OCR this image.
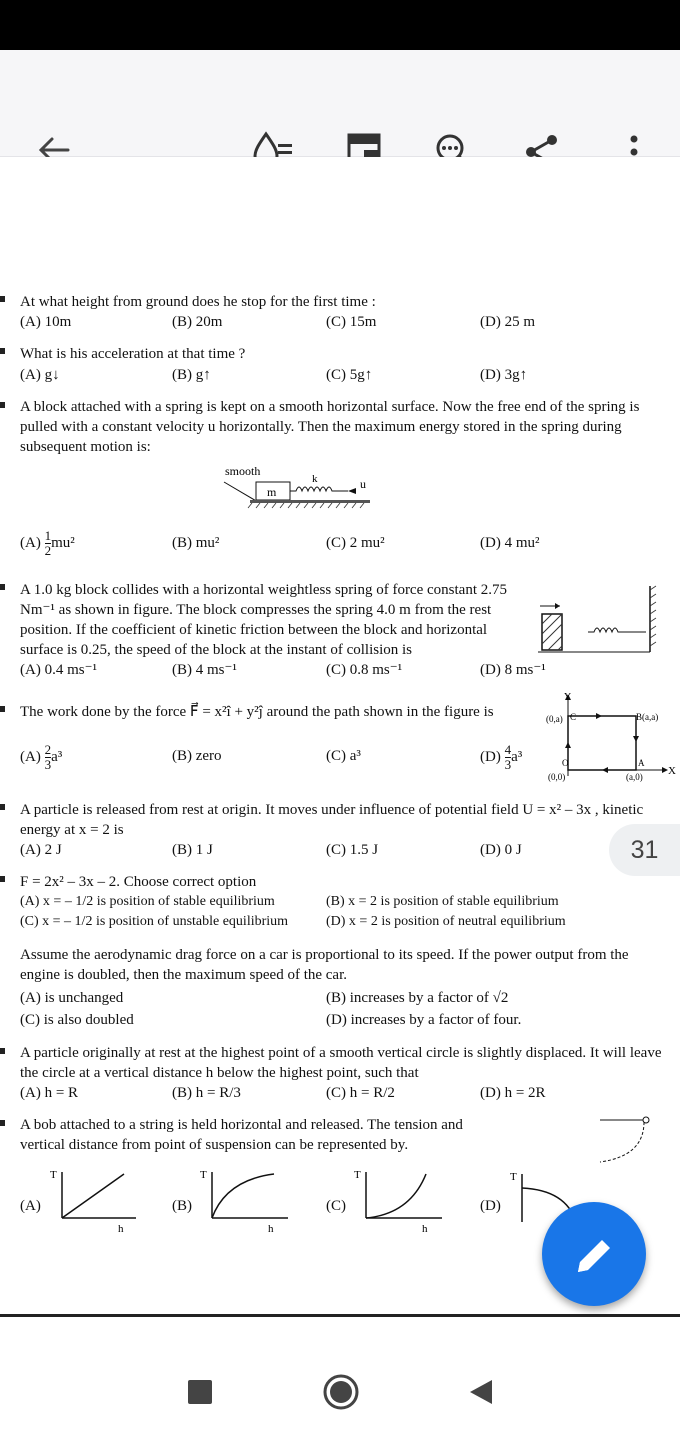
At what height from ground does he stop for the first time :
(A) 10m	(B) 20m	(C) 15m	(D) 25 m
What is his acceleration at that time ?
(A) g↓	(B) g↑	(C) 5g↑	(D) 3g↑
A block attached with a spring is kept on a smooth horizontal surface. Now the free end of the spring is pulled with a constant velocity u horizontally. Then the maximum energy stored in the spring during subsequent motion is:
smooth
m
k	u
$(A) \frac{1}{2} mu^2$	(B) mu²	(C) 2 mu²	(D) 4 mu²
A 1.0 kg block collides with a horizontal weightless spring of force constant 2.75 Nm⁻¹ as shown in figure. The block compresses the spring 4.0 m from the rest position. If the coefficient of kinetic friction between the block and horizontal surface is 0.25, the speed of the block at the instant of collision is
(A) 0.4 ms⁻¹	(B) 4 ms⁻¹	(C) 0.8 ms⁻¹	(D) 8 ms⁻¹
The work done by the force F⃗ = x²î + y²ĵ around the path shown in the figure is
Y
X
(0,a) C	B(a,a)
O
(0,0)
A
(a,0)
$(A) \frac{2}{3} a^3$	(B) zero	(C) a³	$(D) \frac{4}{3} a^3$
A particle is released from rest at origin. It moves under influence of potential field U = x² – 3x , kinetic energy at x = 2 is
(A) 2 J	(B) 1 J	(C) 1.5 J	(D) 0 J	31
F = 2x² – 3x – 2. Choose correct option
(A) x = – 1/2 is position of stable equilibrium	(B) x = 2 is position of stable equilibrium
(C) x = – 1/2 is position of unstable equilibrium	(D) x = 2 is position of neutral equilibrium
Assume the aerodynamic drag force on a car is proportional to its speed. If the power output from the engine is doubled, then the maximum speed of the car.
(A) is unchanged	(B) increases by a factor of √2
(C) is also doubled	(D) increases by a factor of four.
A particle originally at rest at the highest point of a smooth vertical circle is slightly displaced. It will leave the circle at a vertical distance h below the highest point, such that
(A) h = R	(B) h = R/3	(C) h = R/2	(D) h = 2R
A bob attached to a string is held horizontal and released. The tension and vertical distance from point of suspension can be represented by.
(A)
T
h
(B)
T
h
(C)
T
h
(D)
T
